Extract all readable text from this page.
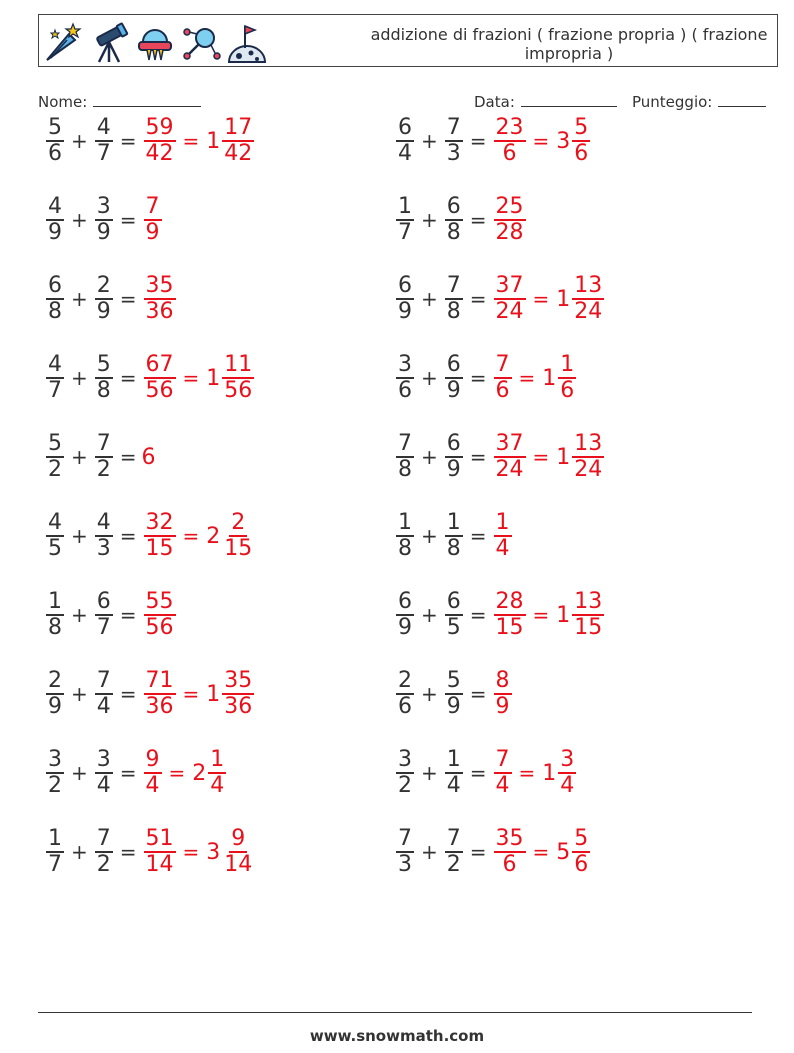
addizione di frazioni ( frazione propria ) ( frazione impropria )
Nome:	Data:	Punteggio:
$\frac{5}{6} + \frac{4}{7} = \frac{59}{42} = 1 \frac{17}{42}$	$\frac{6}{4} + \frac{7}{3} = \frac{23}{6} = 3 \frac{5}{6}$
$\frac{4}{9} + \frac{3}{9} = \frac{7}{9}$	$\frac{1}{7} + \frac{6}{8} = \frac{25}{28}$
$\frac{6}{8} + \frac{2}{9} = \frac{35}{36}$	$\frac{6}{9} + \frac{7}{8} = \frac{37}{24} = 1 \frac{13}{24}$
$\frac{4}{7} + \frac{5}{8} = \frac{67}{56} = 1 \frac{11}{56}$	$\frac{3}{6} + \frac{6}{9} = \frac{7}{6} = 1 \frac{1}{6}$
$\frac{5}{2} + \frac{7}{2} = 6$	$\frac{7}{8} + \frac{6}{9} = \frac{37}{24} = 1 \frac{13}{24}$
$\frac{4}{5} + \frac{4}{3} = \frac{32}{15} = 2 \frac{2}{15}$	$\frac{1}{8} + \frac{1}{8} = \frac{1}{4}$
$\frac{1}{8} + \frac{6}{7} = \frac{55}{56}$	$\frac{6}{9} + \frac{6}{5} = \frac{28}{15} = 1 \frac{13}{15}$
$\frac{2}{9} + \frac{7}{4} = \frac{71}{36} = 1 \frac{35}{36}$	$\frac{2}{6} + \frac{5}{9} = \frac{8}{9}$
$\frac{3}{2} + \frac{3}{4} = \frac{9}{4} = 2 \frac{1}{4}$	$\frac{3}{2} + \frac{1}{4} = \frac{7}{4} = 1 \frac{3}{4}$
$\frac{1}{7} + \frac{7}{2} = \frac{51}{14} = 3 \frac{9}{14}$	$\frac{7}{3} + \frac{7}{2} = \frac{35}{6} = 5 \frac{5}{6}$
www.snowmath.com
